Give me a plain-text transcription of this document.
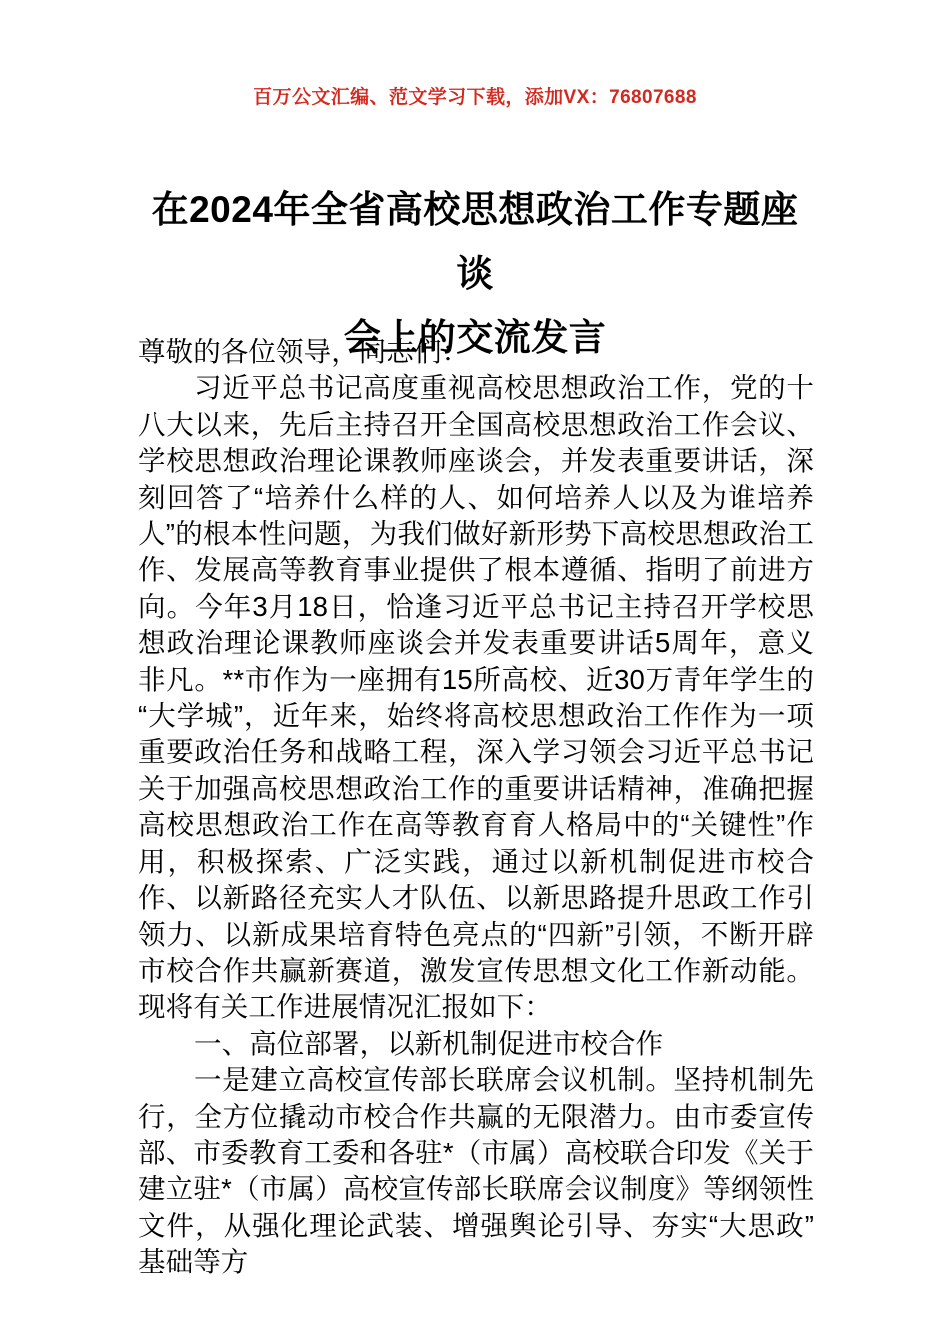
百万公文汇编、范文学习下载，添加VX：76807688
在2024年全省高校思想政治工作专题座谈
会上的交流发言

尊敬的各位领导，同志们：

习近平总书记高度重视高校思想政治工作，党的十八大以来，先后主持召开全国高校思想政治工作会议、学校思想政治理论课教师座谈会，并发表重要讲话，深刻回答了“培养什么样的人、如何培养人以及为谁培养人”的根本性问题，为我们做好新形势下高校思想政治工作、发展高等教育事业提供了根本遵循、指明了前进方向。今年3月18日，恰逢习近平总书记主持召开学校思想政治理论课教师座谈会并发表重要讲话5周年，意义非凡。**市作为一座拥有15所高校、近30万青年学生的“大学城”，近年来，始终将高校思想政治工作作为一项重要政治任务和战略工程，深入学习领会习近平总书记关于加强高校思想政治工作的重要讲话精神，准确把握高校思想政治工作在高等教育育人格局中的“关键性”作用，积极探索、广泛实践，通过以新机制促进市校合作、以新路径充实人才队伍、以新思路提升思政工作引领力、以新成果培育特色亮点的“四新”引领，不断开辟市校合作共赢新赛道，激发宣传思想文化工作新动能。现将有关工作进展情况汇报如下：

一、高位部署，以新机制促进市校合作

一是建立高校宣传部长联席会议机制。坚持机制先行，全方位撬动市校合作共赢的无限潜力。由市委宣传部、市委教育工委和各驻*（市属）高校联合印发《关于建立驻*（市属）高校宣传部长联席会议制度》等纲领性文件，从强化理论武装、增强舆论引导、夯实“大思政”基础等方
